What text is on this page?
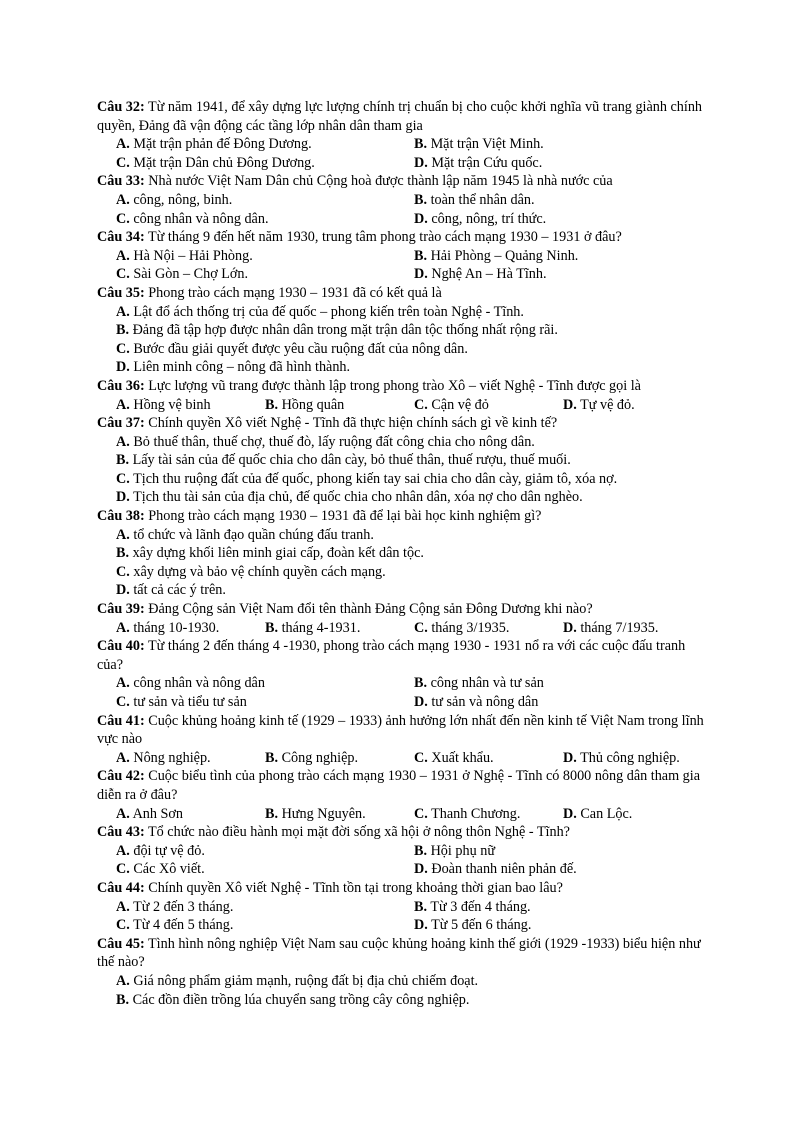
Câu 32: Từ năm 1941, để xây dựng lực lượng chính trị chuẩn bị cho cuộc khởi nghĩa vũ trang giành chính quyền, Đảng đã vận động các tầng lớp nhân dân tham gia

A. Mặt trận phản đế Đông Dương.	B. Mặt trận Việt Minh.
C. Mặt trận Dân chủ Đông Dương.	D. Mặt trận Cứu quốc.

Câu 33: Nhà nước Việt Nam Dân chủ Cộng hoà được thành lập năm 1945 là nhà nước của

A. công, nông, binh.	B. toàn thể nhân dân.
C. công nhân và nông dân.	D. công, nông, trí thức.

Câu 34: Từ tháng 9 đến hết năm 1930, trung tâm phong trào cách mạng 1930 – 1931 ở đâu?

A. Hà Nội – Hải Phòng.	B. Hải Phòng – Quảng Ninh.
C. Sài Gòn – Chợ Lớn.	D. Nghệ An – Hà Tĩnh.

Câu 35: Phong trào cách mạng 1930 – 1931 đã có kết quả là

A. Lật đổ ách thống trị của đế quốc – phong kiến trên toàn Nghệ - Tĩnh.
B. Đảng đã tập hợp được nhân dân trong mặt trận dân tộc thống nhất rộng rãi.
C. Bước đầu giải quyết được yêu cầu ruộng đất của nông dân.
D. Liên minh công – nông đã hình thành.

Câu 36: Lực lượng vũ trang được thành lập trong phong trào Xô – viết Nghệ - Tĩnh được gọi là

A. Hồng vệ binh	B. Hồng quân	C. Cận vệ đỏ	D. Tự vệ đỏ.

Câu 37: Chính quyền Xô viết Nghệ - Tĩnh đã thực hiện chính sách gì về kinh tế?

A. Bỏ thuế thân, thuế chợ, thuế đò, lấy ruộng đất công chia cho nông dân.
B. Lấy tài sản của đế quốc chia cho dân cày, bỏ thuế thân, thuế rượu, thuế muối.
C. Tịch thu ruộng đất của đế quốc, phong kiến tay sai chia cho dân cày, giảm tô, xóa nợ.
D. Tịch thu tài sản của địa chủ, đế quốc chia cho nhân dân, xóa nợ cho dân nghèo.

Câu 38: Phong trào cách mạng 1930 – 1931 đã để lại bài học kinh nghiệm gì?

A. tổ chức và lãnh đạo quần chúng đấu tranh.
B. xây dựng khối liên minh giai cấp, đoàn kết dân tộc.
C. xây dựng và bảo vệ chính quyền cách mạng.
D. tất cả các ý trên.

Câu 39: Đảng Cộng sản Việt Nam đổi tên thành Đảng Cộng sản Đông Dương khi nào?

A. tháng 10-1930.	B. tháng 4-1931.	C. tháng 3/1935.	D. tháng 7/1935.

Câu 40: Từ tháng 2 đến tháng 4 -1930, phong trào cách mạng 1930 - 1931 nổ ra với các cuộc đấu tranh của?

A. công nhân và nông dân	B. công nhân và tư sản
C. tư sản và tiểu tư sản	D. tư sản và nông dân

Câu 41: Cuộc khủng hoảng kinh tế (1929 – 1933) ảnh hưởng lớn nhất đến nền kinh tế Việt Nam trong lĩnh vực nào

A. Nông nghiệp.	B. Công nghiệp.	C. Xuất khẩu.	D. Thủ công nghiệp.

Câu 42: Cuộc biểu tình của phong trào cách mạng 1930 – 1931 ở Nghệ - Tĩnh có 8000 nông dân tham gia diễn ra ở đâu?

A. Anh Sơn	B. Hưng Nguyên.	C. Thanh Chương.	D. Can Lộc.

Câu 43: Tổ chức nào điều hành mọi mặt đời sống xã hội ở nông thôn Nghệ - Tĩnh?

A. đội tự vệ đỏ.	B. Hội phụ nữ
C. Các Xô viết.	D. Đoàn thanh niên phản đế.

Câu 44: Chính quyền Xô viết Nghệ - Tĩnh tồn tại trong khoảng thời gian bao lâu?

A. Từ 2 đến 3 tháng.	B. Từ 3 đến 4 tháng.
C. Từ 4 đến 5 tháng.	D. Từ 5 đến 6 tháng.

Câu 45: Tình hình nông nghiệp Việt Nam sau cuộc khủng hoảng kinh thế giới (1929 -1933) biểu hiện như thế nào?

A. Giá nông phẩm giảm mạnh, ruộng đất bị địa chủ chiếm đoạt.
B. Các đồn điền trồng lúa chuyển sang trồng cây công nghiệp.
